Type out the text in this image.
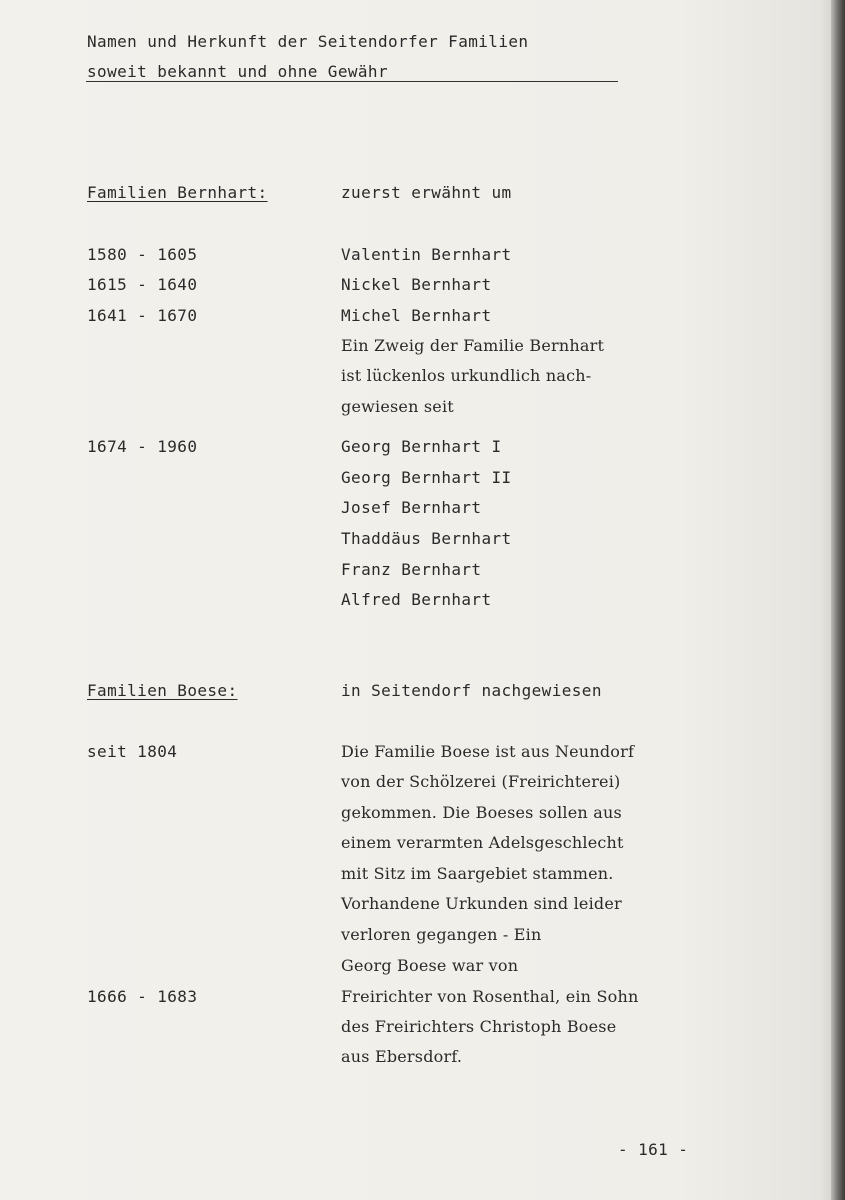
Namen und Herkunft der Seitendorfer Familien
soweit bekannt und ohne Gewähr
Familien Bernhart:	zuerst erwähnt um
1580 - 1605	Valentin Bernhart
1615 - 1640	Nickel Bernhart
1641 - 1670	Michel Bernhart
Ein Zweig der Familie Bernhart
ist lückenlos urkundlich nach-
gewiesen seit
1674 - 1960	Georg Bernhart I
Georg Bernhart II
Josef Bernhart
Thaddäus Bernhart
Franz Bernhart
Alfred Bernhart
Familien Boese:	in Seitendorf nachgewiesen
seit 1804	Die Familie Boese ist aus Neundorf
von der Schölzerei (Freirichterei)
gekommen. Die Boeses sollen aus
einem verarmten Adelsgeschlecht
mit Sitz im Saargebiet stammen.
Vorhandene Urkunden sind leider
verloren gegangen - Ein
Georg Boese war von
1666 - 1683	Freirichter von Rosenthal, ein Sohn
des Freirichters Christoph Boese
aus Ebersdorf.
- 161 -
